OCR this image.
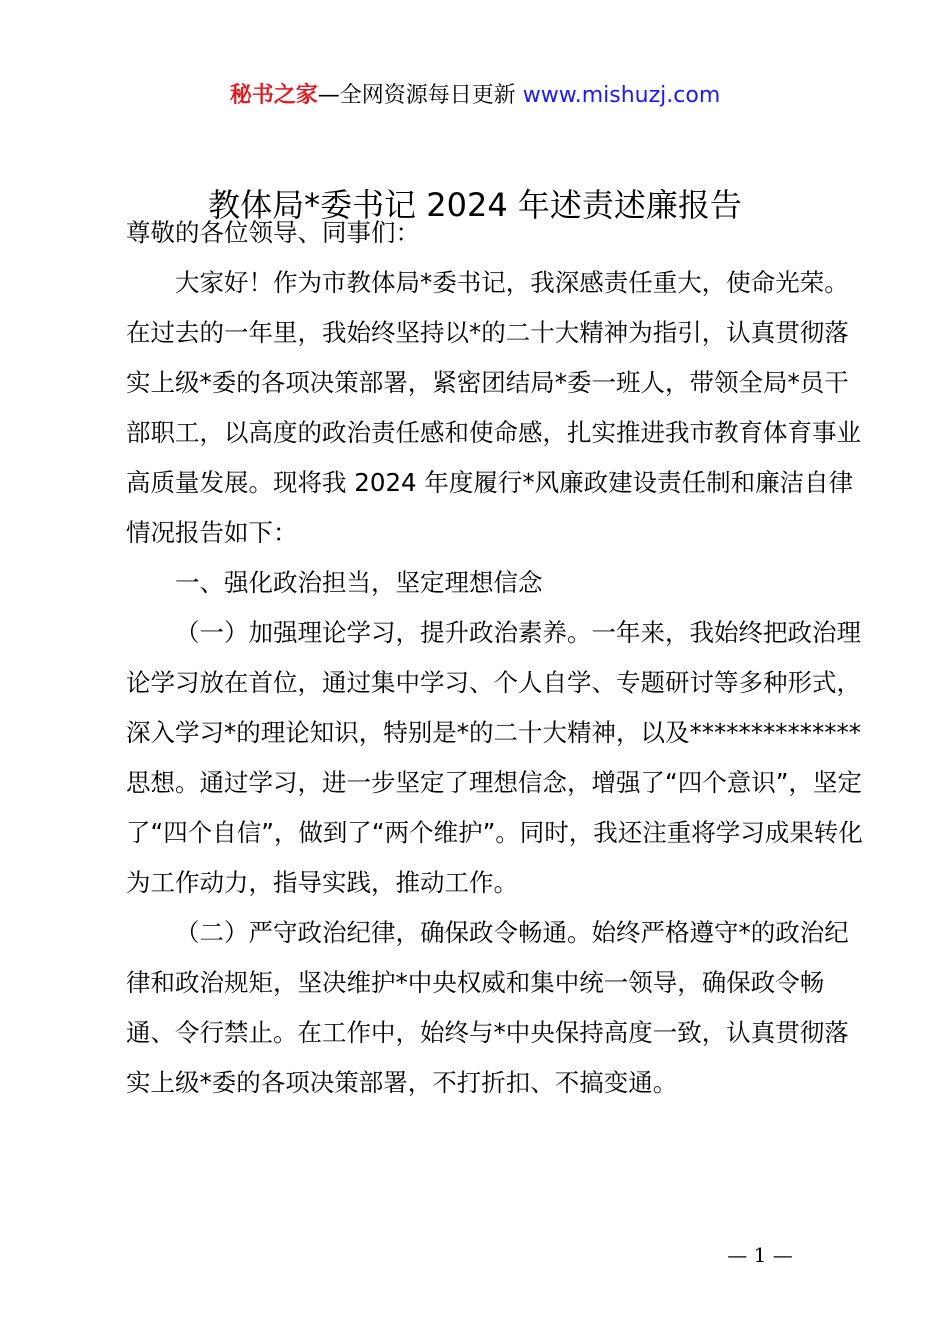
秘书之家—全网资源每日更新 www.mishuzj.com
教体局*委书记 2024 年述责述廉报告

尊敬的各位领导、同事们：

大家好！作为市教体局*委书记，我深感责任重大，使命光荣。在过去的一年里，我始终坚持以*的二十大精神为指引，认真贯彻落实上级*委的各项决策部署，紧密团结局*委一班人，带领全局*员干部职工，以高度的政治责任感和使命感，扎实推进我市教育体育事业高质量发展。现将我 2024 年度履行*风廉政建设责任制和廉洁自律情况报告如下：

一、强化政治担当，坚定理想信念

（一）加强理论学习，提升政治素养。一年来，我始终把政治理论学习放在首位，通过集中学习、个人自学、专题研讨等多种形式，深入学习*的理论知识，特别是*的二十大精神，以及**************思想。通过学习，进一步坚定了理想信念，增强了“四个意识”，坚定了“四个自信”，做到了“两个维护”。同时，我还注重将学习成果转化为工作动力，指导实践，推动工作。

（二）严守政治纪律，确保政令畅通。始终严格遵守*的政治纪律和政治规矩，坚决维护*中央权威和集中统一领导，确保政令畅通、令行禁止。在工作中，始终与*中央保持高度一致，认真贯彻落实上级*委的各项决策部署，不打折扣、不搞变通。

— 1 —
